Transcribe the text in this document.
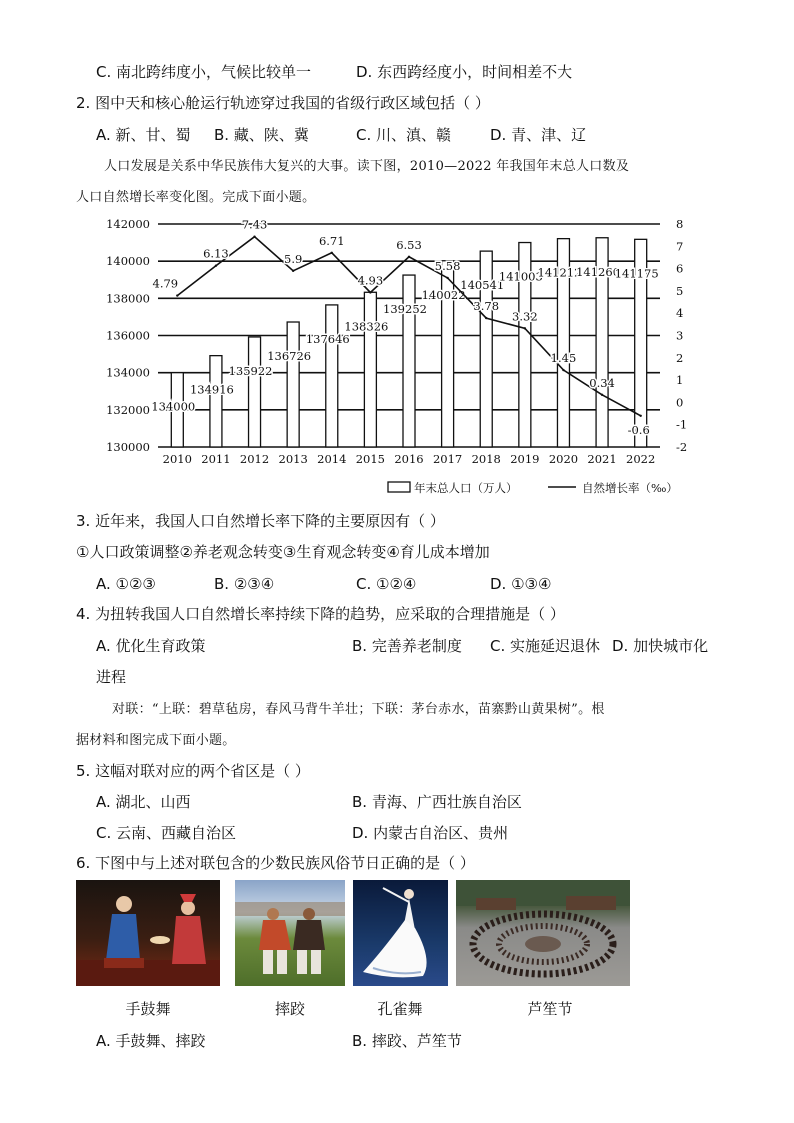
C. 南北跨纬度小，气候比较单一	D. 东西跨经度小，时间相差不大
2. 图中天和核心舱运行轨迹穿过我国的省级行政区域包括（ ）
A. 新、甘、蜀 B. 藏、陕、冀	C. 川、滇、赣	D. 青、津、辽
人口发展是关系中华民族伟大复兴的大事。读下图，2010—2022 年我国年末总人口数及
人口自然增长率变化图。完成下面小题。
130000
132000
134000
136000
138000
140000
142000
-2
-1
0
1
2
3
4
5
6
7
8
134000
134916
135922
136726
137646
138326
139252
140022
140541
141003
141212
141260
141175
4.79
6.13
7.43
5.9
6.71
4.93
6.53
5.58
3.78
3.32
1.45
0.34
-0.6
2010 2011 2012 2013 2014 2015 2016 2017 2018 2019 2020 2021 2022
年末总人口（万人）	自然增长率（‰）
3. 近年来，我国人口自然增长率下降的主要原因有（ ）
①人口政策调整②养老观念转变③生育观念转变④育儿成本增加
A. ①②③	B. ②③④	C. ①②④	D. ①③④
4. 为扭转我国人口自然增长率持续下降的趋势，应采取的合理措施是（ ）
A. 优化生育政策	B. 完善养老制度 C. 实施延迟退休 D. 加快城市化
进程
对联：“上联：碧草毡房，春风马背牛羊壮；下联：茅台赤水，苗寨黔山黄果树”。根
据材料和图完成下面小题。
5. 这幅对联对应的两个省区是（ ）
A. 湖北、山西	B. 青海、广西壮族自治区
C. 云南、西藏自治区	D. 内蒙古自治区、贵州
6. 下图中与上述对联包含的少数民族风俗节日正确的是（ ）
手鼓舞	摔跤	孔雀舞	芦笙节
A. 手鼓舞、摔跤	B. 摔跤、芦笙节
